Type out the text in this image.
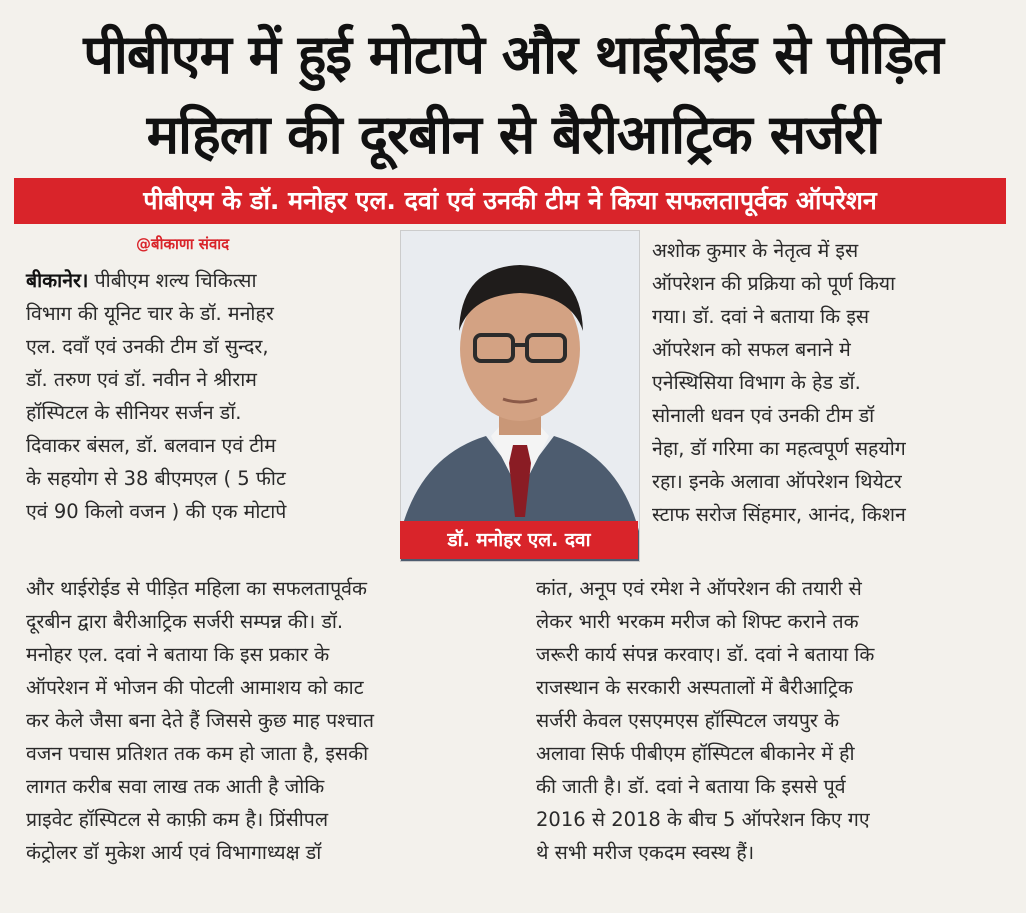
पीबीएम में हुई मोटापे और थाईरोईड से पीड़ित
महिला की दूरबीन से बैरीआट्रिक सर्जरी
पीबीएम के डॉ. मनोहर एल. दवां एवं उनकी टीम ने किया सफलतापूर्वक ऑपरेशन
@बीकाणा संवाद
बीकानेर। पीबीएम शल्य चिकित्सा
विभाग की यूनिट चार के डॉ. मनोहर
एल. दवाँ एवं उनकी टीम डॉ सुन्दर,
डॉ. तरुण एवं डॉ. नवीन ने श्रीराम
हॉस्पिटल के सीनियर सर्जन डॉ.
दिवाकर बंसल, डॉ. बलवान एवं टीम
के सहयोग से 38 बीएमएल ( 5 फीट
एवं 90 किलो वजन ) की एक मोटापे
डॉ. मनोहर एल. दवा
अशोक कुमार के नेतृत्व में इस
ऑपरेशन की प्रक्रिया को पूर्ण किया
गया। डॉ. दवां ने बताया कि इस
ऑपरेशन को सफल बनाने मे
एनेस्थिसिया विभाग के हेड डॉ.
सोनाली धवन एवं उनकी टीम डॉ
नेहा, डॉ गरिमा का महत्वपूर्ण सहयोग
रहा। इनके अलावा ऑपरेशन थियेटर
स्टाफ सरोज सिंहमार, आनंद, किशन
और थाईरोईड से पीड़ित महिला का सफलतापूर्वक
दूरबीन द्वारा बैरीआट्रिक सर्जरी सम्पन्न की। डॉ.
मनोहर एल. दवां ने बताया कि इस प्रकार के
ऑपरेशन में भोजन की पोटली आमाशय को काट
कर केले जैसा बना देते हैं जिससे कुछ माह पश्चात
वजन पचास प्रतिशत तक कम हो जाता है, इसकी
लागत करीब सवा लाख तक आती है जोकि
प्राइवेट हॉस्पिटल से काफ़ी कम है। प्रिंसीपल
कंट्रोलर डॉ मुकेश आर्य एवं विभागाध्यक्ष डॉ
कांत, अनूप एवं रमेश ने ऑपरेशन की तयारी से
लेकर भारी भरकम मरीज को शिफ्ट कराने तक
जरूरी कार्य संपन्न करवाए। डॉ. दवां ने बताया कि
राजस्थान के सरकारी अस्पतालों में बैरीआट्रिक
सर्जरी केवल एसएमएस हॉस्पिटल जयपुर के
अलावा सिर्फ पीबीएम हॉस्पिटल बीकानेर में ही
की जाती है। डॉ. दवां ने बताया कि इससे पूर्व
2016 से 2018 के बीच 5 ऑपरेशन किए गए
थे सभी मरीज एकदम स्वस्थ हैं।
